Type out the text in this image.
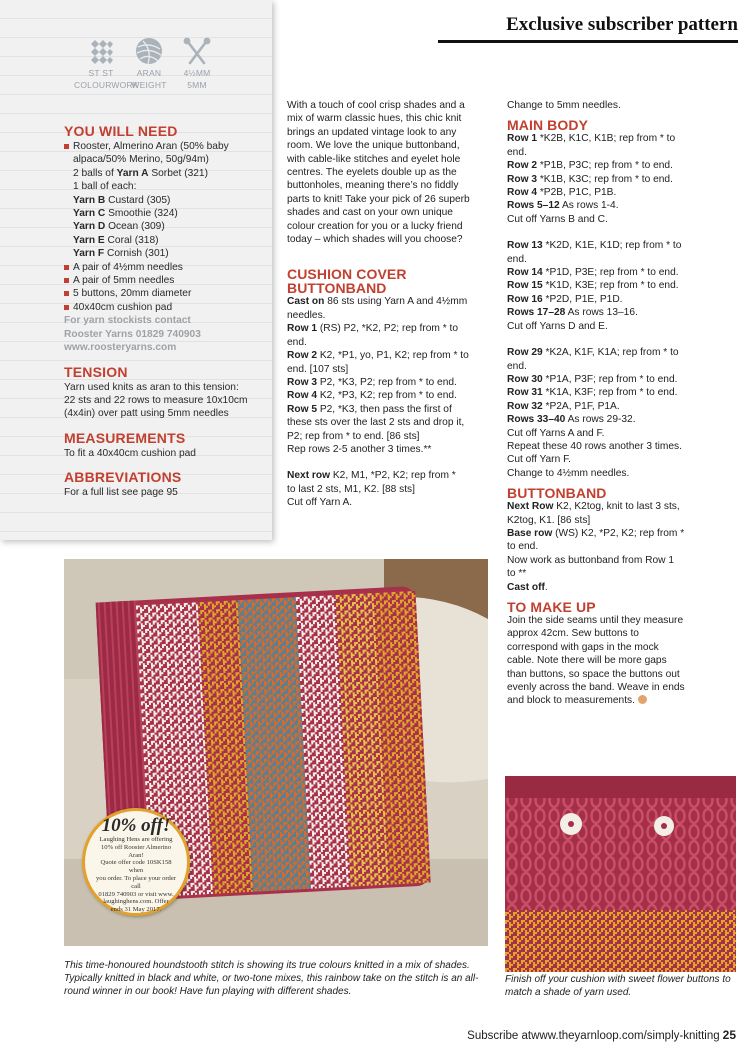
Exclusive subscriber pattern
ST ST
COLOURWORK
ARAN
WEIGHT
4½MM
5MM
YOU WILL NEED
Rooster, Almerino Aran (50% baby alpaca/50% Merino, 50g/94m)
2 balls of Yarn A Sorbet (321)
1 ball of each:
Yarn B Custard (305)
Yarn C Smoothie (324)
Yarn D Ocean (309)
Yarn E Coral (318)
Yarn F Cornish (301)
A pair of 4½mm needles
A pair of 5mm needles
5 buttons, 20mm diameter
40x40cm cushion pad
For yarn stockists contact
Rooster Yarns 01829 740903
www.roosteryarns.com
TENSION
Yarn used knits as aran to this tension:
22 sts and 22 rows to measure 10x10cm
(4x4in) over patt using 5mm needles
MEASUREMENTS
To fit a 40x40cm cushion pad
ABBREVIATIONS
For a full list see page 95
With a touch of cool crisp shades and a
mix of warm classic hues, this chic knit
brings an updated vintage look to any
room. We love the unique buttonband,
with cable-like stitches and eyelet hole
centres. The eyelets double up as the
buttonholes, meaning there’s no fiddly
parts to knit! Take your pick of 26 superb
shades and cast on your own unique
colour creation for you or a lucky friend
today – which shades will you choose?
CUSHION COVER
BUTTONBAND
Cast on 86 sts using Yarn A and 4½mm
needles.
Row 1 (RS) P2, *K2, P2; rep from * to
end.
Row 2 K2, *P1, yo, P1, K2; rep from * to
end. [107 sts]
Row 3 P2, *K3, P2; rep from * to end.
Row 4 K2, *P3, K2; rep from * to end.
Row 5 P2, *K3, then pass the first of
these sts over the last 2 sts and drop it,
P2; rep from * to end. [86 sts]
Rep rows 2-5 another 3 times.**
Next row K2, M1, *P2, K2; rep from *
to last 2 sts, M1, K2. [88 sts]
Cut off Yarn A.
Change to 5mm needles.
MAIN BODY
Row 1 *K2B, K1C, K1B; rep from * to
end.
Row 2 *P1B, P3C; rep from * to end.
Row 3 *K1B, K3C; rep from * to end.
Row 4 *P2B, P1C, P1B.
Rows 5–12 As rows 1-4.
Cut off Yarns B and C.
Row 13 *K2D, K1E, K1D; rep from * to
end.
Row 14 *P1D, P3E; rep from * to end.
Row 15 *K1D, K3E; rep from * to end.
Row 16 *P2D, P1E, P1D.
Rows 17–28 As rows 13–16.
Cut off Yarns D and E.
Row 29 *K2A, K1F, K1A; rep from * to
end.
Row 30 *P1A, P3F; rep from * to end.
Row 31 *K1A, K3F; rep from * to end.
Row 32 *P2A, P1F, P1A.
Rows 33–40 As rows 29-32.
Cut off Yarns A and F.
Repeat these 40 rows another 3 times.
Cut off Yarn F.
Change to 4½mm needles.
BUTTONBAND
Next Row K2, K2tog, knit to last 3 sts,
K2tog, K1. [86 sts]
Base row (WS) K2, *P2, K2; rep from *
to end.
Now work as buttonband from Row 1
to **
Cast off.
TO MAKE UP
Join the side seams until they measure
approx 42cm. Sew buttons to
correspond with gaps in the mock
cable. Note there will be more gaps
than buttons, so space the buttons out
evenly across the band. Weave in ends
and block to measurements.
10% off!
Laughing Hens are offering
10% off Rooster Almerino Aran!
Quote offer code 10SK158 when
you order. To place your order call
01829 740903 or visit www.
laughinghens.com. Offer
ends 31 May 2017.
This time-honoured houndstooth stitch is showing its true colours knitted in a mix of shades. Typically knitted in black and white, or two-tone mixes, this rainbow take on the stitch is an all-round winner in our book! Have fun playing with different shades.
Finish off your cushion with sweet flower buttons to match a shade of yarn used.
Subscribe atwww.theyarnloop.com/simply-knitting 25
